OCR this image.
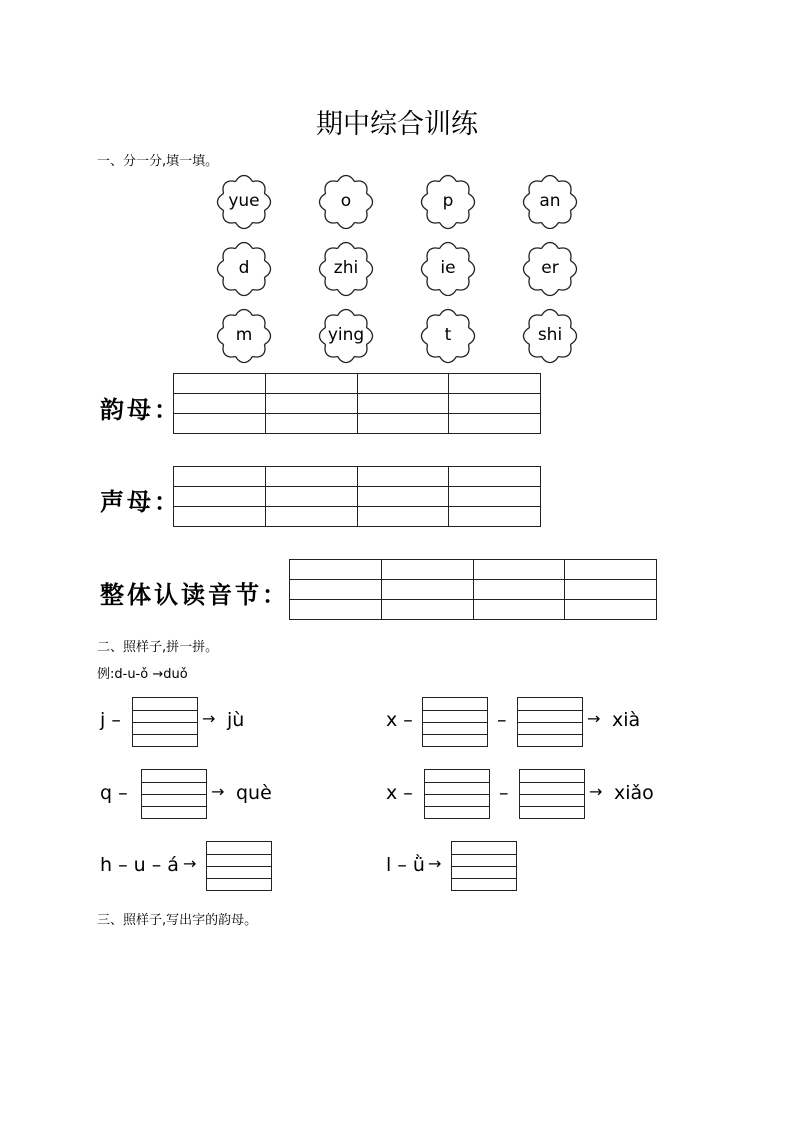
期中综合训练
一、分一分,填一填。
yue	o	p	an
d	zhi	ie	er
m	ying	t	shi
韵母：

声母：

整体认读音节：

二、照样子,拼一拼。
例:d-u-ǒ →duǒ
j –	→ jù
q –	→ què
h – u – á →
x –	–	→ xià
x –	–	→ xiǎo
l – ǜ →
三、照样子,写出字的韵母。
